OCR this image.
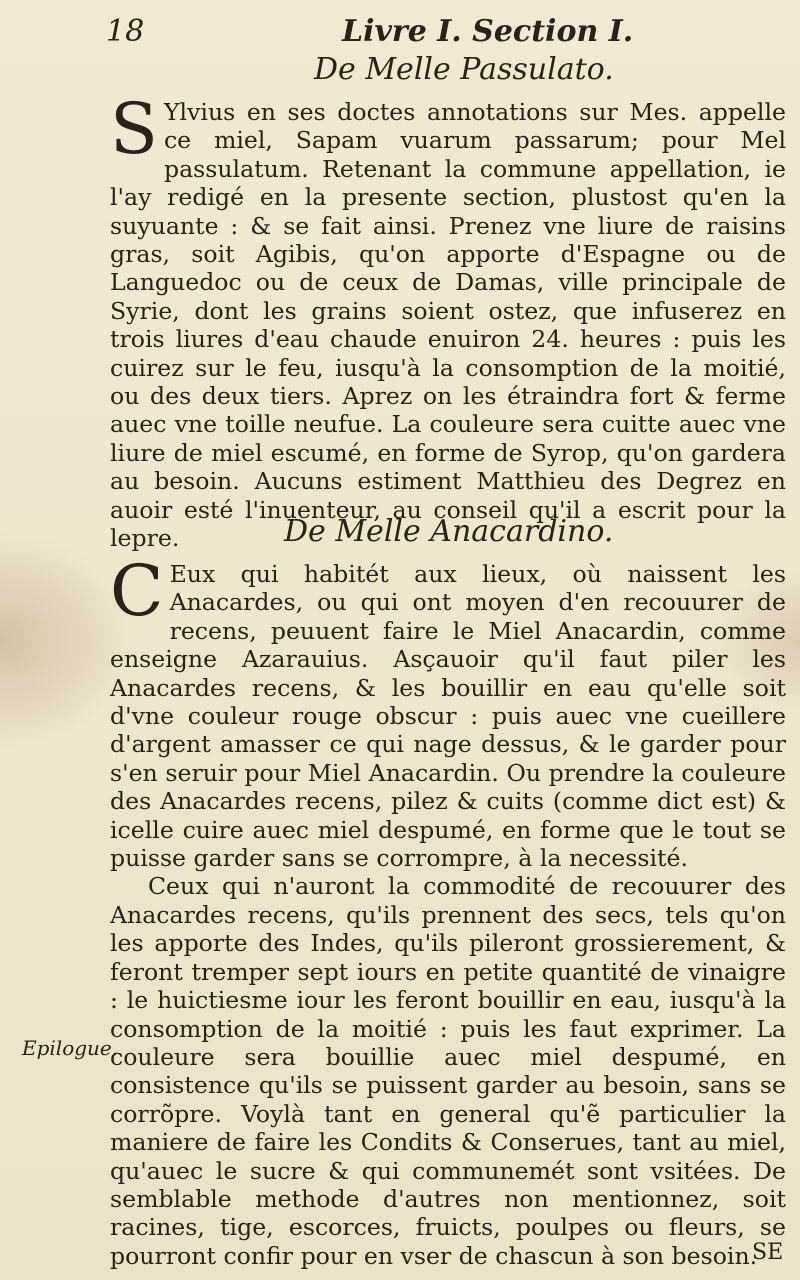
18	Livre I. Section I.
De Melle Passulato.

S Ylvius en ses doctes annotations sur Mes. appelle ce miel, Sapam vuarum passarum; pour Mel passulatum. Retenant la commune appellation, ie l'ay redigé en la presente section, plustost qu'en la suyuante : & se fait ainsi. Prenez vne liure de raisins gras, soit Agibis, qu'on apporte d'Espagne ou de Languedoc ou de ceux de Damas, ville principale de Syrie, dont les grains soient ostez, que infuserez en trois liures d'eau chaude enuiron 24. heures : puis les cuirez sur le feu, iusqu'à la consomption de la moitié, ou des deux tiers. Aprez on les étraindra fort & ferme auec vne toille neufue. La couleure sera cuitte auec vne liure de miel escumé, en forme de Syrop, qu'on gardera au besoin. Aucuns estiment Matthieu des Degrez en auoir esté l'inuenteur, au conseil qu'il a escrit pour la lepre.	De Melle Anacardino.

C Eux qui habitét aux lieux, où naissent les Anacardes, ou qui ont moyen d'en recouurer de recens, peuuent faire le Miel Anacardin, comme enseigne Azarauius. Asçauoir qu'il faut piler les Anacardes recens, & les bouillir en eau qu'elle soit d'vne couleur rouge obscur : puis auec vne cueillere d'argent amasser ce qui nage dessus, & le garder pour s'en seruir pour Miel Anacardin. Ou prendre la couleure des Anacardes recens, pilez & cuits (comme dict est) & icelle cuire auec miel despumé, en forme que le tout se puisse garder sans se corrompre, à la necessité.

Ceux qui n'auront la commodité de recouurer des Anacardes recens, qu'ils prennent des secs, tels qu'on les apporte des Indes, qu'ils pileront grossierement, & feront tremper sept iours en petite quantité de vinaigre : le huictiesme iour les feront bouillir en eau, iusqu'à la consomption de la moitié : puis les faut exprimer. La couleure sera bouillie auec miel despumé, en consistence qu'ils se puissent garder au besoin, sans se corrõpre. Voylà tant en general qu'ẽ particulier la maniere de faire les Condits & Conserues, tant au miel, qu'auec le sucre & qui communemét sont vsitées. De semblable methode d'autres non mentionnez, soit racines, tige, escorces, fruicts, poulpes ou fleurs, se pourront confir pour en vser de chascun à son besoin.

Epilogue.
SE
